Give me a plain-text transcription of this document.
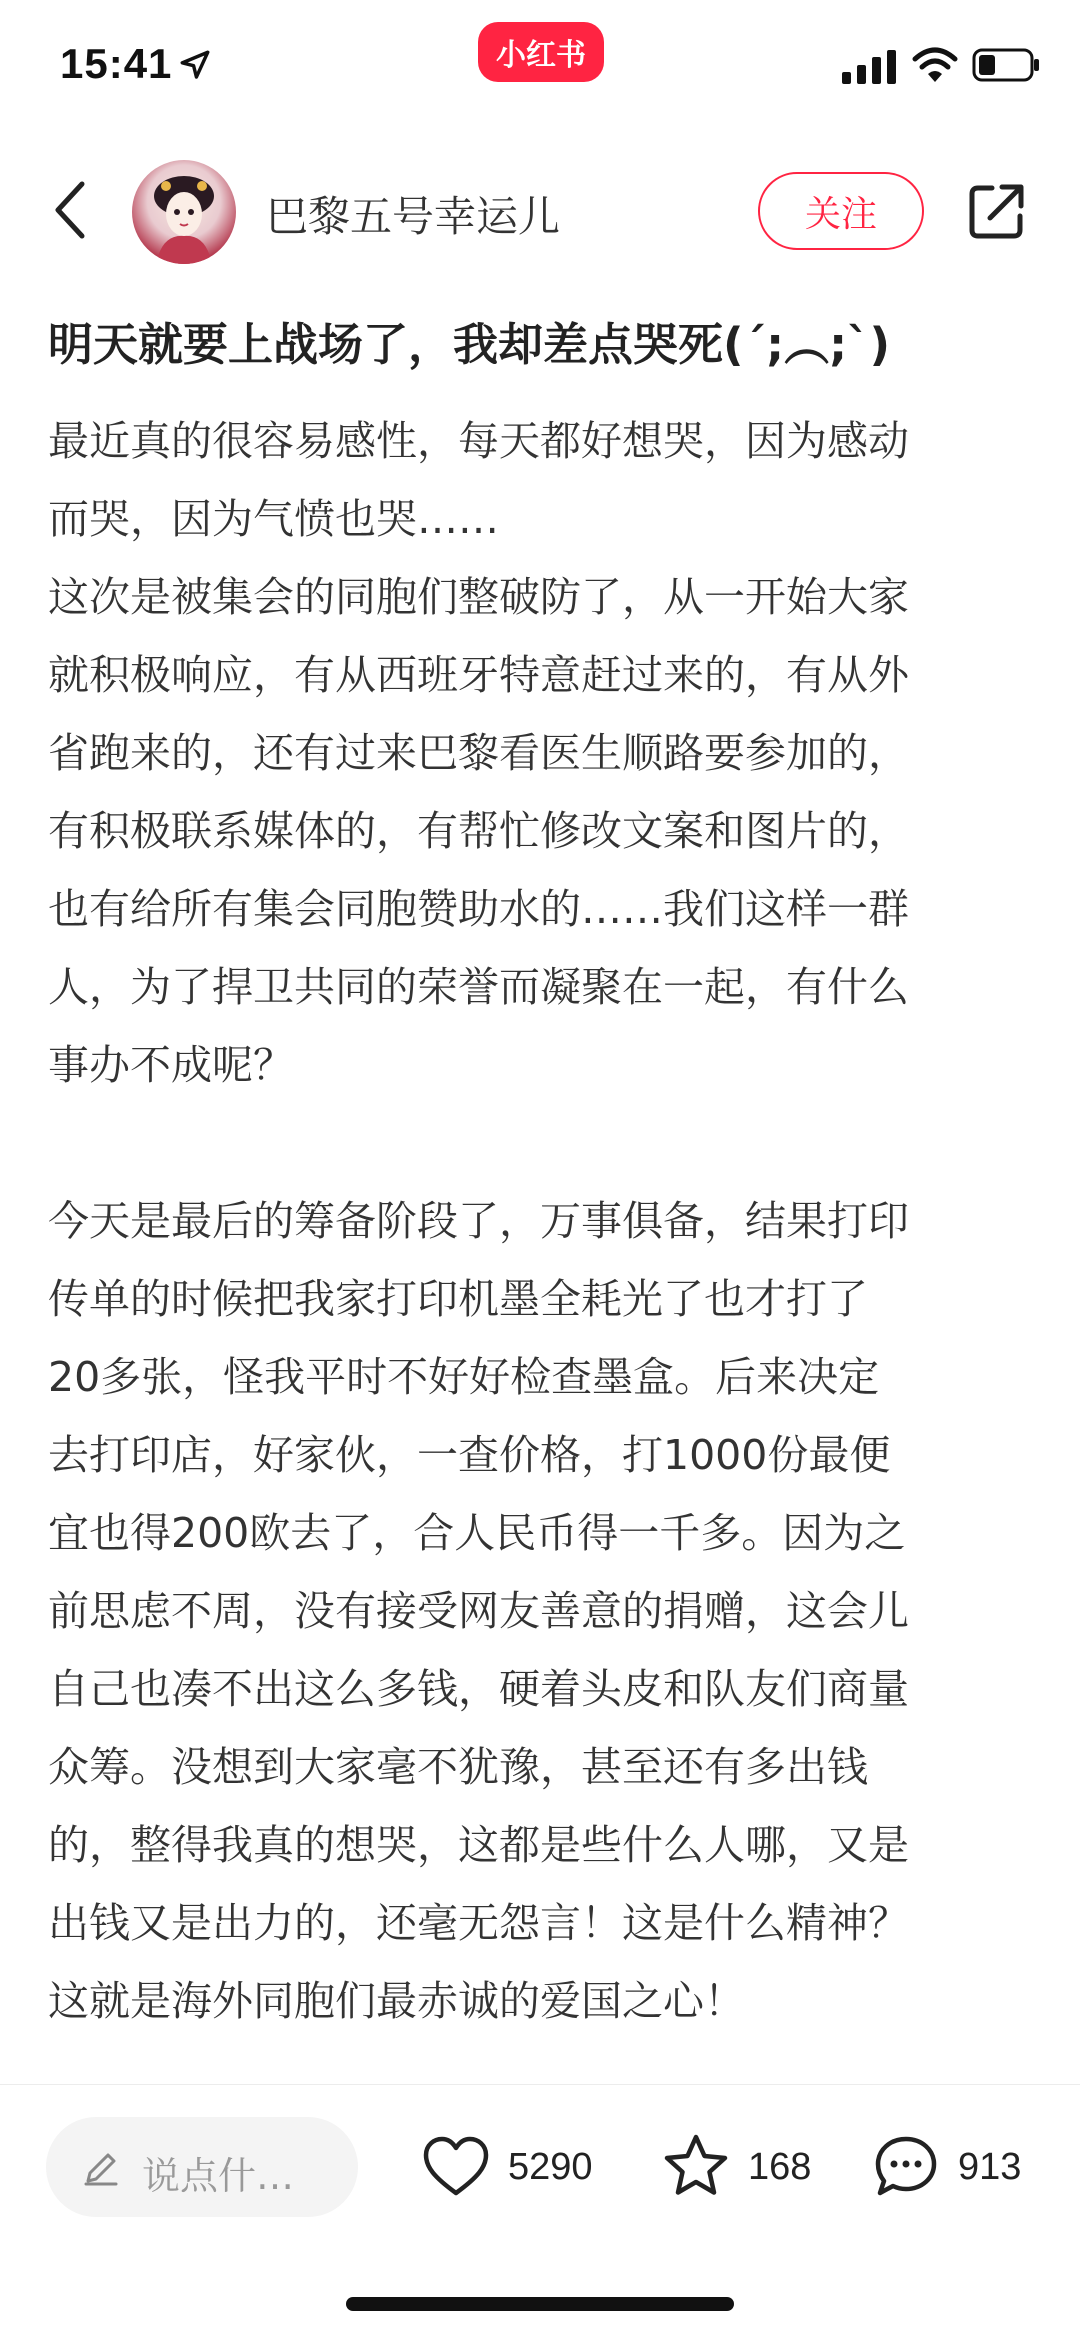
15:41	小红书
巴黎五号幸运儿	关注
明天就要上战场了，我却差点哭死(´;︵;`)
最近真的很容易感性，每天都好想哭，因为感动
而哭，因为气愤也哭……
这次是被集会的同胞们整破防了，从一开始大家
就积极响应，有从西班牙特意赶过来的，有从外
省跑来的，还有过来巴黎看医生顺路要参加的，
有积极联系媒体的，有帮忙修改文案和图片的，
也有给所有集会同胞赞助水的……我们这样一群
人，为了捍卫共同的荣誉而凝聚在一起，有什么
事办不成呢？
今天是最后的筹备阶段了，万事俱备，结果打印
传单的时候把我家打印机墨全耗光了也才打了
20多张，怪我平时不好好检查墨盒。后来决定
去打印店，好家伙，一查价格，打1000份最便
宜也得200欧去了，合人民币得一千多。因为之
前思虑不周，没有接受网友善意的捐赠，这会儿
自己也凑不出这么多钱，硬着头皮和队友们商量
众筹。没想到大家毫不犹豫，甚至还有多出钱
的，整得我真的想哭，这都是些什么人哪，又是
出钱又是出力的，还毫无怨言！这是什么精神？
这就是海外同胞们最赤诚的爱国之心！
说点什…	5290	168	913
